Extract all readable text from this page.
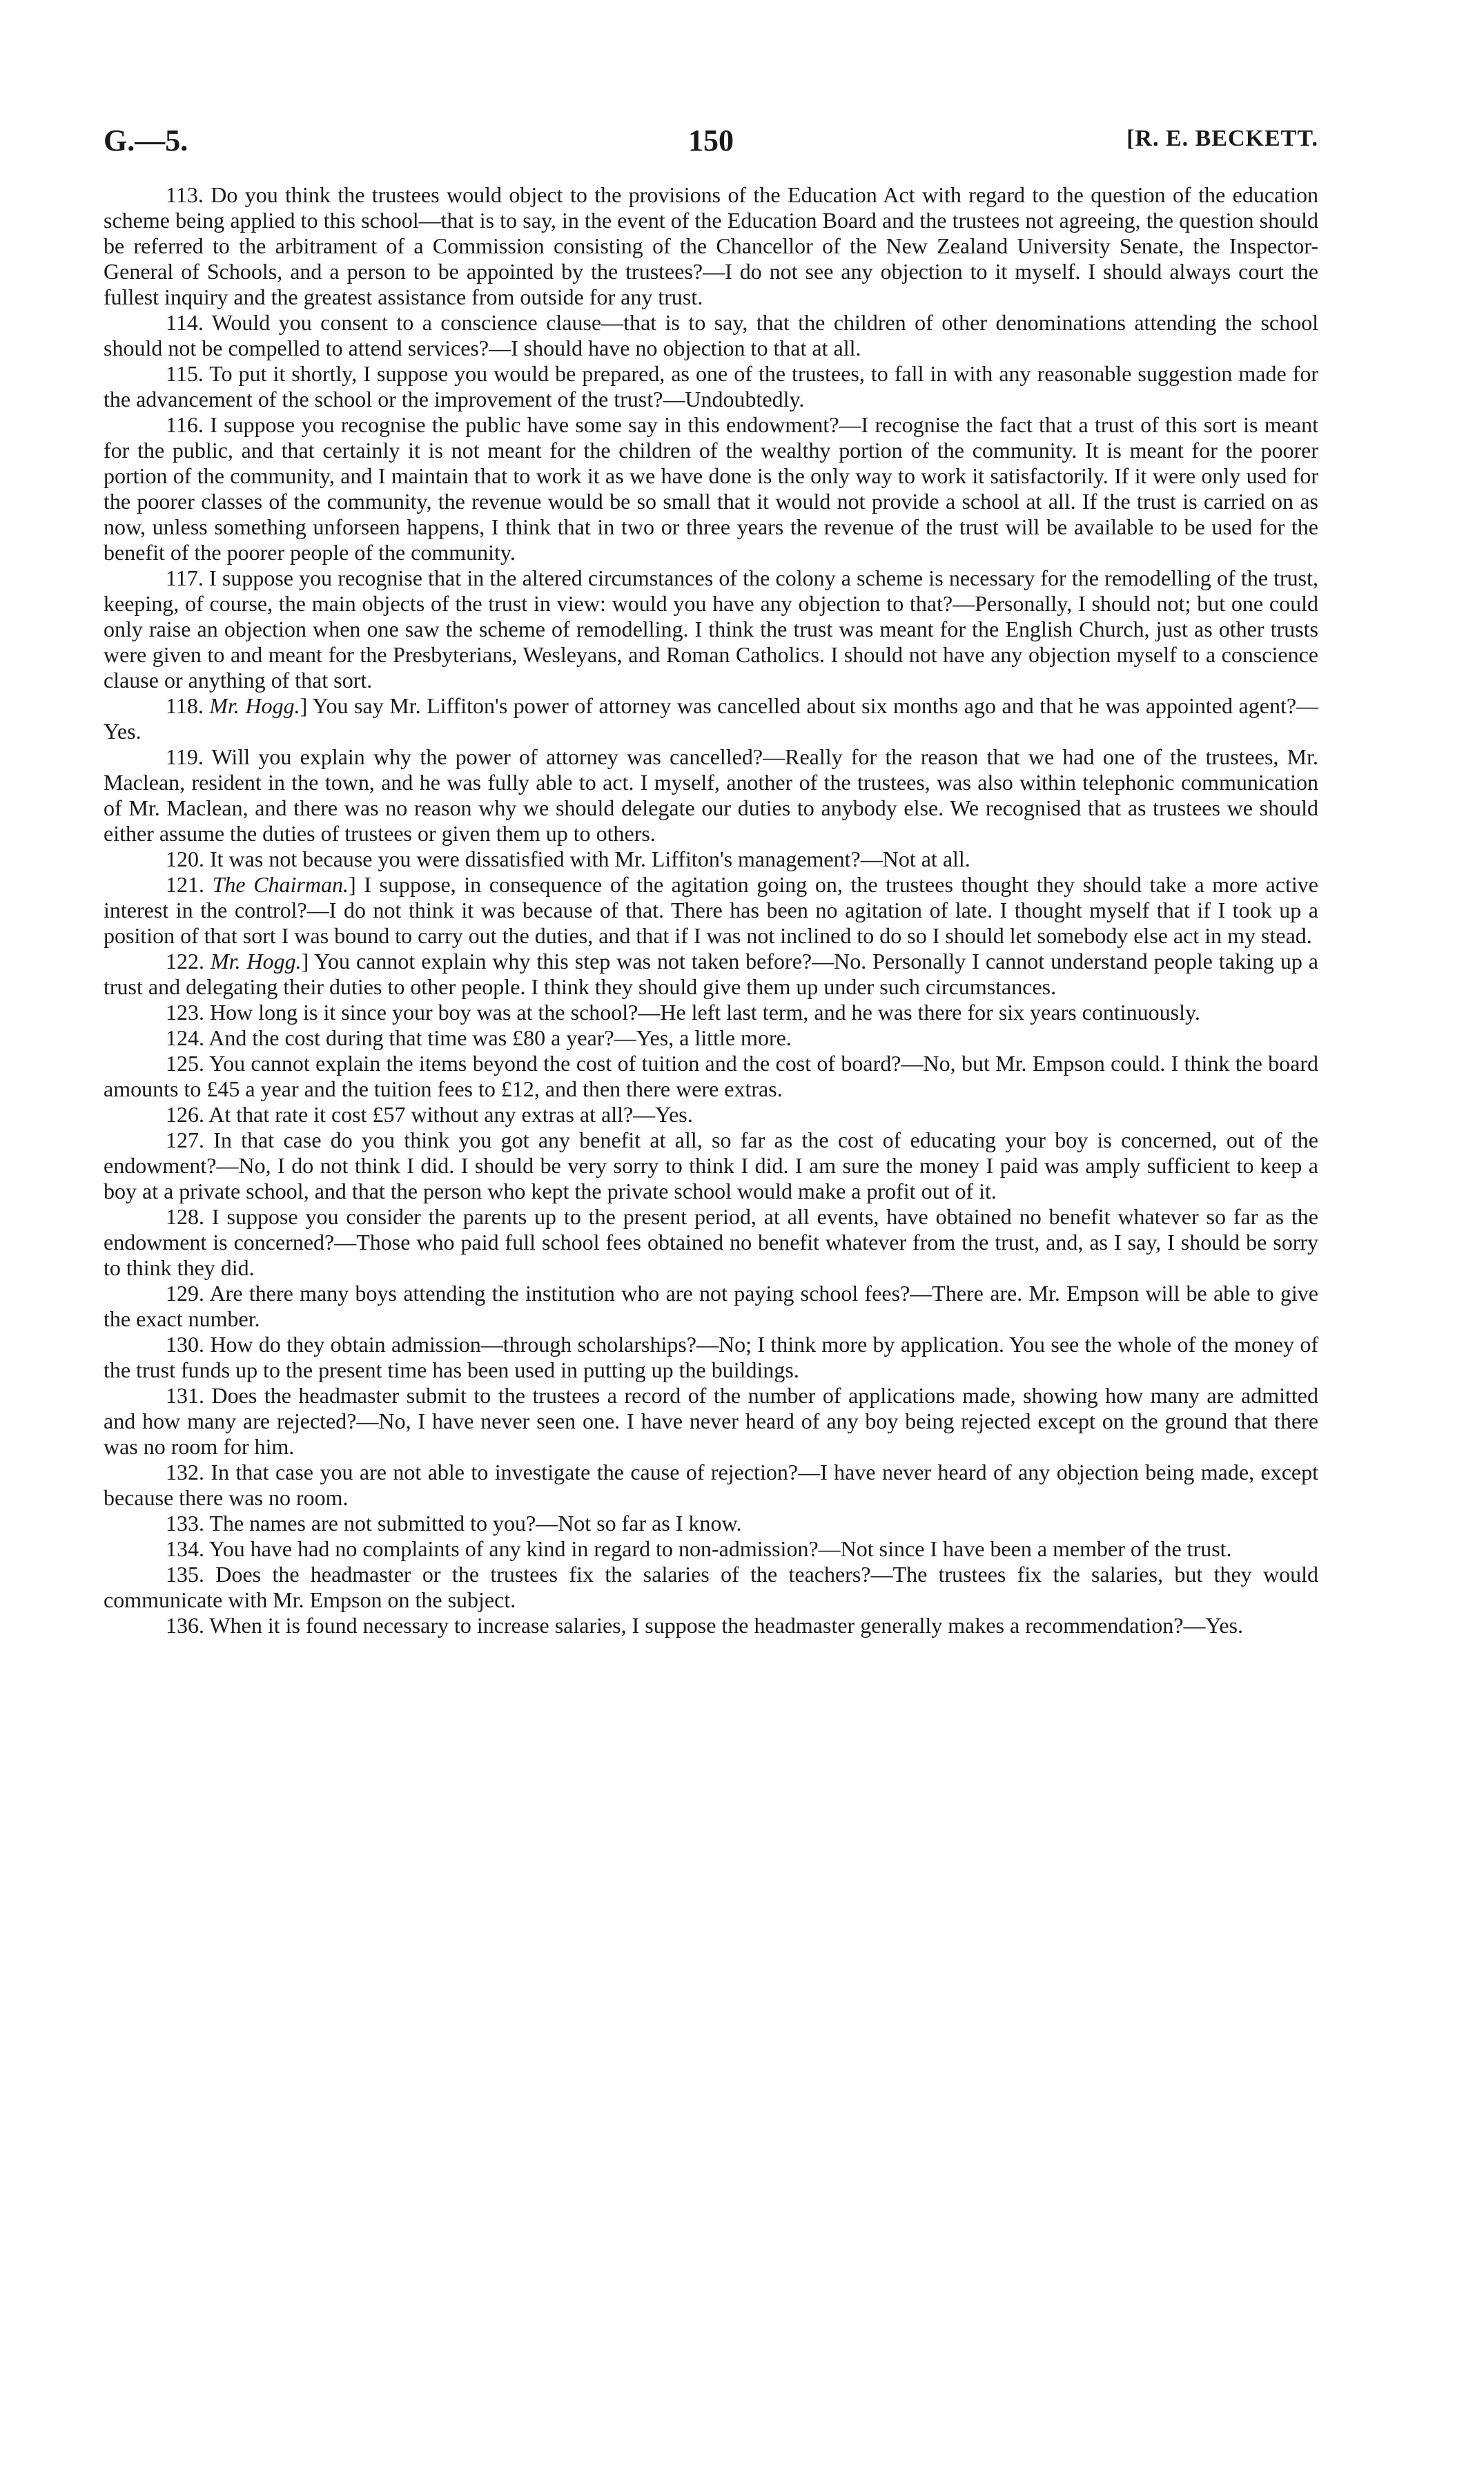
G.—5.	150	[R. E. BECKETT.

113. Do you think the trustees would object to the provisions of the Education Act with regard to the question of the education scheme being applied to this school—that is to say, in the event of the Education Board and the trustees not agreeing, the question should be referred to the arbitrament of a Commission consisting of the Chancellor of the New Zealand University Senate, the Inspector-General of Schools, and a person to be appointed by the trustees?—I do not see any objection to it myself. I should always court the fullest inquiry and the greatest assistance from outside for any trust.

114. Would you consent to a conscience clause—that is to say, that the children of other denominations attending the school should not be compelled to attend services?—I should have no objection to that at all.

115. To put it shortly, I suppose you would be prepared, as one of the trustees, to fall in with any reasonable suggestion made for the advancement of the school or the improvement of the trust?—Undoubtedly.

116. I suppose you recognise the public have some say in this endowment?—I recognise the fact that a trust of this sort is meant for the public, and that certainly it is not meant for the children of the wealthy portion of the community. It is meant for the poorer portion of the community, and I maintain that to work it as we have done is the only way to work it satisfactorily. If it were only used for the poorer classes of the community, the revenue would be so small that it would not provide a school at all. If the trust is carried on as now, unless something unforseen happens, I think that in two or three years the revenue of the trust will be available to be used for the benefit of the poorer people of the community.

117. I suppose you recognise that in the altered circumstances of the colony a scheme is necessary for the remodelling of the trust, keeping, of course, the main objects of the trust in view: would you have any objection to that?—Personally, I should not; but one could only raise an objection when one saw the scheme of remodelling. I think the trust was meant for the English Church, just as other trusts were given to and meant for the Presbyterians, Wesleyans, and Roman Catholics. I should not have any objection myself to a conscience clause or anything of that sort.

118. Mr. Hogg.] You say Mr. Liffiton's power of attorney was cancelled about six months ago and that he was appointed agent?—Yes.

119. Will you explain why the power of attorney was cancelled?—Really for the reason that we had one of the trustees, Mr. Maclean, resident in the town, and he was fully able to act. I myself, another of the trustees, was also within telephonic communication of Mr. Maclean, and there was no reason why we should delegate our duties to anybody else. We recognised that as trustees we should either assume the duties of trustees or given them up to others.

120. It was not because you were dissatisfied with Mr. Liffiton's management?—Not at all.

121. The Chairman.] I suppose, in consequence of the agitation going on, the trustees thought they should take a more active interest in the control?—I do not think it was because of that. There has been no agitation of late. I thought myself that if I took up a position of that sort I was bound to carry out the duties, and that if I was not inclined to do so I should let somebody else act in my stead.

122. Mr. Hogg.] You cannot explain why this step was not taken before?—No. Personally I cannot understand people taking up a trust and delegating their duties to other people. I think they should give them up under such circumstances.

123. How long is it since your boy was at the school?—He left last term, and he was there for six years continuously.

124. And the cost during that time was £80 a year?—Yes, a little more.

125. You cannot explain the items beyond the cost of tuition and the cost of board?—No, but Mr. Empson could. I think the board amounts to £45 a year and the tuition fees to £12, and then there were extras.

126. At that rate it cost £57 without any extras at all?—Yes.

127. In that case do you think you got any benefit at all, so far as the cost of educating your boy is concerned, out of the endowment?—No, I do not think I did. I should be very sorry to think I did. I am sure the money I paid was amply sufficient to keep a boy at a private school, and that the person who kept the private school would make a profit out of it.

128. I suppose you consider the parents up to the present period, at all events, have obtained no benefit whatever so far as the endowment is concerned?—Those who paid full school fees obtained no benefit whatever from the trust, and, as I say, I should be sorry to think they did.

129. Are there many boys attending the institution who are not paying school fees?—There are. Mr. Empson will be able to give the exact number.

130. How do they obtain admission—through scholarships?—No; I think more by application. You see the whole of the money of the trust funds up to the present time has been used in putting up the buildings.

131. Does the headmaster submit to the trustees a record of the number of applications made, showing how many are admitted and how many are rejected?—No, I have never seen one. I have never heard of any boy being rejected except on the ground that there was no room for him.

132. In that case you are not able to investigate the cause of rejection?—I have never heard of any objection being made, except because there was no room.

133. The names are not submitted to you?—Not so far as I know.

134. You have had no complaints of any kind in regard to non-admission?—Not since I have been a member of the trust.

135. Does the headmaster or the trustees fix the salaries of the teachers?—The trustees fix the salaries, but they would communicate with Mr. Empson on the subject.

136. When it is found necessary to increase salaries, I suppose the headmaster generally makes a recommendation?—Yes.
